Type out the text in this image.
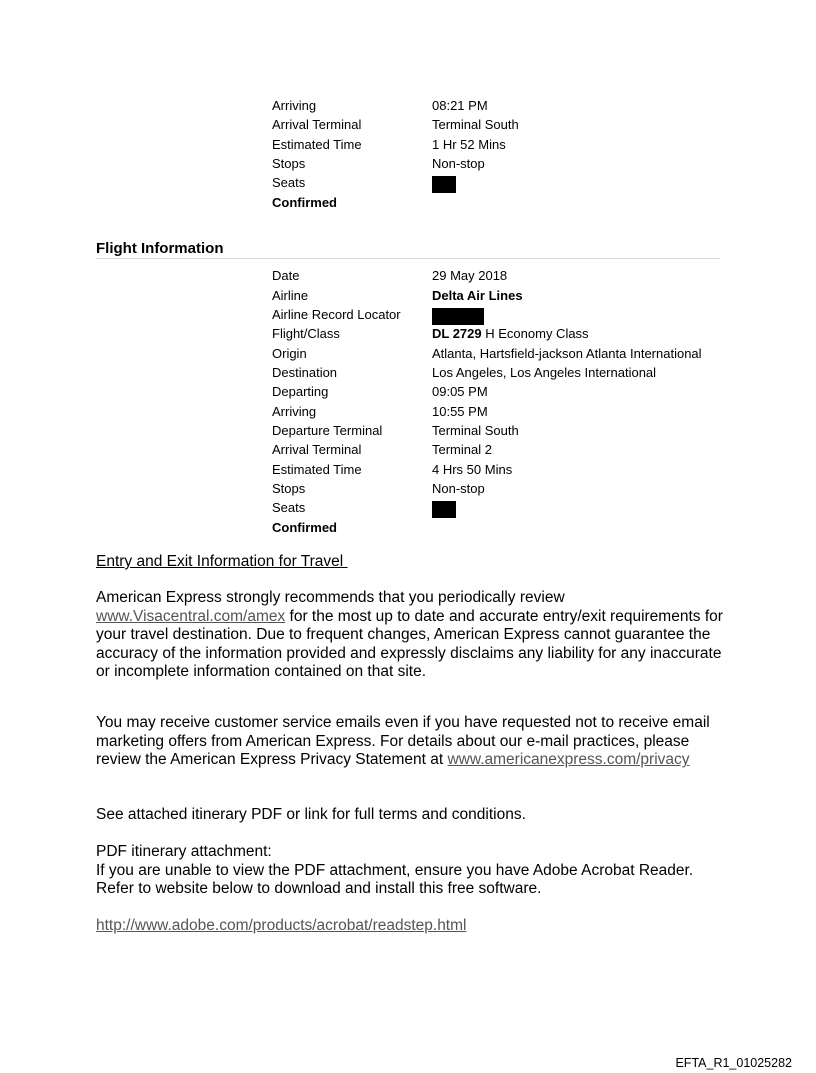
Arriving	08:21 PM
Arrival Terminal	Terminal South
Estimated Time	1 Hr 52 Mins
Stops	Non-stop
Seats
Confirmed
Flight Information
Date	29 May 2018
Airline	Delta Air Lines
Airline Record Locator
Flight/Class	DL 2729 H Economy Class
Origin	Atlanta, Hartsfield-jackson Atlanta International
Destination	Los Angeles, Los Angeles International
Departing	09:05 PM
Arriving	10:55 PM
Departure Terminal	Terminal South
Arrival Terminal	Terminal 2
Estimated Time	4 Hrs 50 Mins
Stops	Non-stop
Seats
Confirmed
Entry and Exit Information for Travel
American Express strongly recommends that you periodically review www.Visacentral.com/amex for the most up to date and accurate entry/exit requirements for your travel destination. Due to frequent changes, American Express cannot guarantee the accuracy of the information provided and expressly disclaims any liability for any inaccurate or incomplete information contained on that site.
You may receive customer service emails even if you have requested not to receive email marketing offers from American Express. For details about our e-mail practices, please review the American Express Privacy Statement at www.americanexpress.com/privacy
See attached itinerary PDF or link for full terms and conditions.
PDF itinerary attachment:
If you are unable to view the PDF attachment, ensure you have Adobe Acrobat Reader. Refer to website below to download and install this free software.
http://www.adobe.com/products/acrobat/readstep.html
EFTA_R1_01025282
